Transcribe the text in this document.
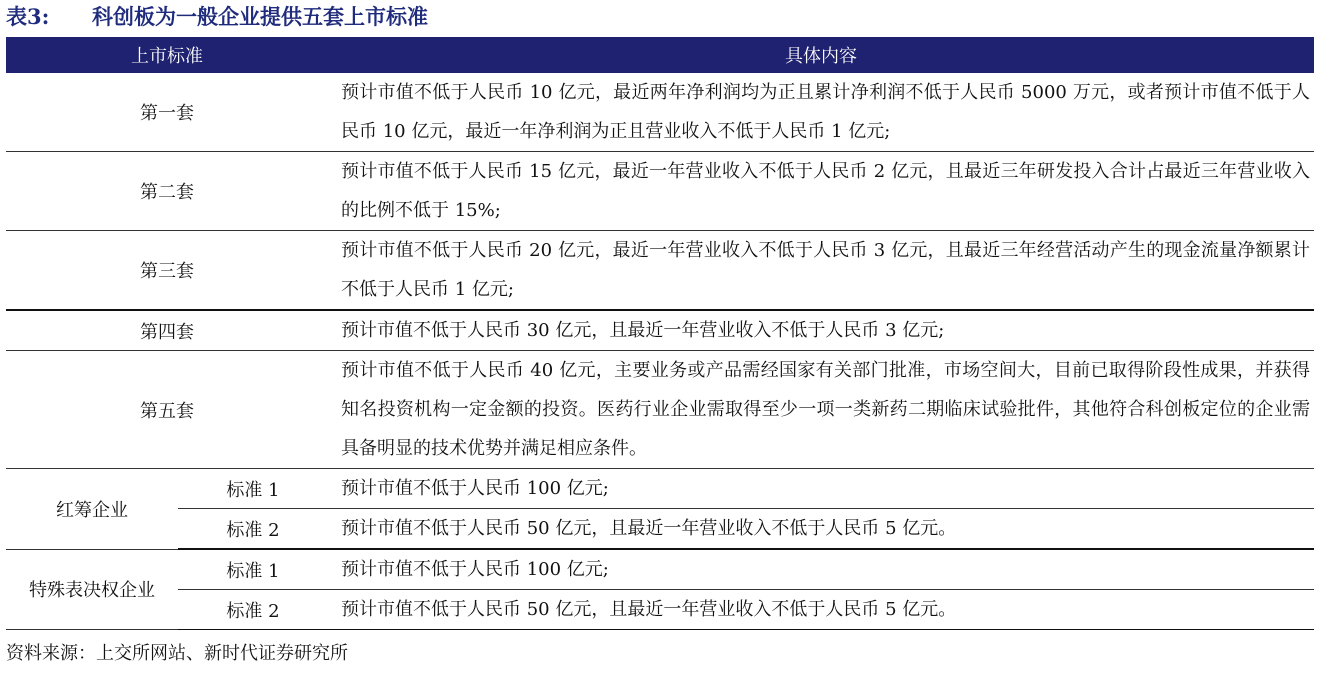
表3: 科创板为一般企业提供五套上市标准
上市标准		具体内容
第一套		预计市值不低于人民币 10 亿元，最近两年净利润均为正且累计净利润不低于人民币 5000 万元，或者预计市值不低于人民币 10 亿元，最近一年净利润为正且营业收入不低于人民币 1 亿元;
第二套		预计市值不低于人民币 15 亿元，最近一年营业收入不低于人民币 2 亿元，且最近三年研发投入合计占最近三年营业收入的比例不低于 15%;
第三套		预计市值不低于人民币 20 亿元，最近一年营业收入不低于人民币 3 亿元，且最近三年经营活动产生的现金流量净额累计不低于人民币 1 亿元;
第四套		预计市值不低于人民币 30 亿元，且最近一年营业收入不低于人民币 3 亿元;
第五套		预计市值不低于人民币 40 亿元，主要业务或产品需经国家有关部门批准，市场空间大，目前已取得阶段性成果，并获得知名投资机构一定金额的投资。医药行业企业需取得至少一项一类新药二期临床试验批件，其他符合科创板定位的企业需具备明显的技术优势并满足相应条件。
红筹企业	标准 1	预计市值不低于人民币 100 亿元;
	标准 2	预计市值不低于人民币 50 亿元，且最近一年营业收入不低于人民币 5 亿元。
特殊表决权企业	标准 1	预计市值不低于人民币 100 亿元;
	标准 2	预计市值不低于人民币 50 亿元，且最近一年营业收入不低于人民币 5 亿元。
资料来源：上交所网站、新时代证券研究所
